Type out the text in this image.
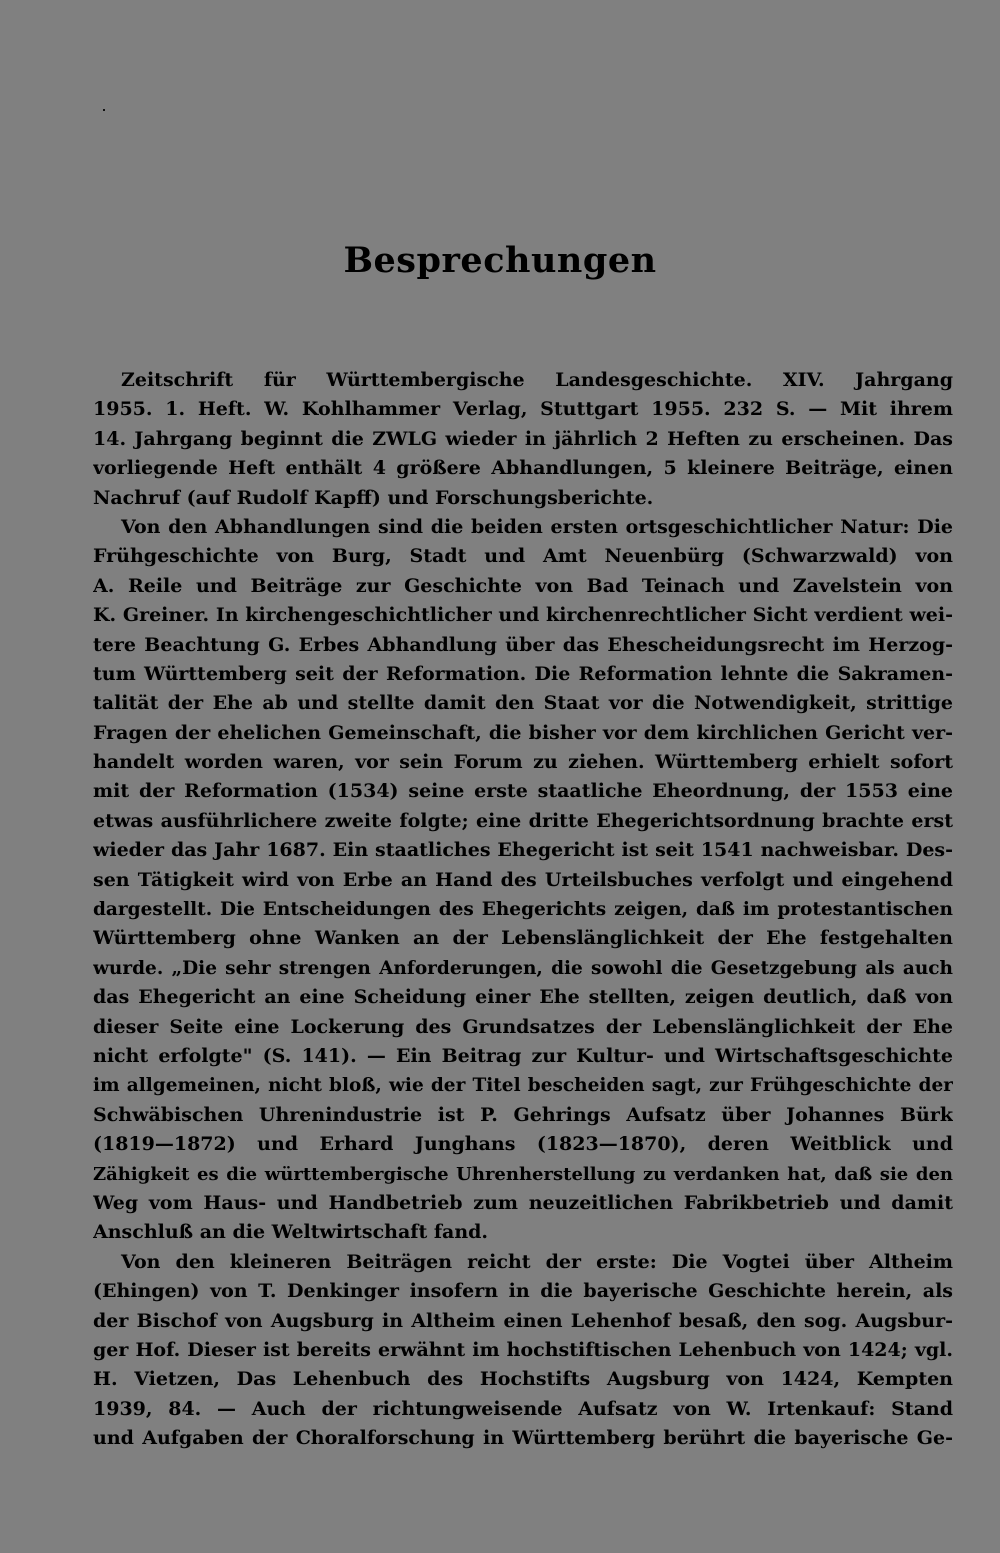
Besprechungen
Zeitschrift für Württembergische Landesgeschichte. XIV. Jahrgang
1955. 1. Heft. W. Kohlhammer Verlag, Stuttgart 1955. 232 S. — Mit ihrem
14. Jahrgang beginnt die ZWLG wieder in jährlich 2 Heften zu erscheinen. Das
vorliegende Heft enthält 4 größere Abhandlungen, 5 kleinere Beiträge, einen
Nachruf (auf Rudolf Kapff) und Forschungsberichte.
Von den Abhandlungen sind die beiden ersten ortsgeschichtlicher Natur: Die
Frühgeschichte von Burg, Stadt und Amt Neuenbürg (Schwarzwald) von
A. Reile und Beiträge zur Geschichte von Bad Teinach und Zavelstein von
K. Greiner. In kirchengeschichtlicher und kirchenrechtlicher Sicht verdient wei-
tere Beachtung G. Erbes Abhandlung über das Ehescheidungsrecht im Herzog-
tum Württemberg seit der Reformation. Die Reformation lehnte die Sakramen-
talität der Ehe ab und stellte damit den Staat vor die Notwendigkeit, strittige
Fragen der ehelichen Gemeinschaft, die bisher vor dem kirchlichen Gericht ver-
handelt worden waren, vor sein Forum zu ziehen. Württemberg erhielt sofort
mit der Reformation (1534) seine erste staatliche Eheordnung, der 1553 eine
etwas ausführlichere zweite folgte; eine dritte Ehegerichtsordnung brachte erst
wieder das Jahr 1687. Ein staatliches Ehegericht ist seit 1541 nachweisbar. Des-
sen Tätigkeit wird von Erbe an Hand des Urteilsbuches verfolgt und eingehend
dargestellt. Die Entscheidungen des Ehegerichts zeigen, daß im protestantischen
Württemberg ohne Wanken an der Lebenslänglichkeit der Ehe festgehalten
wurde. „Die sehr strengen Anforderungen, die sowohl die Gesetzgebung als auch
das Ehegericht an eine Scheidung einer Ehe stellten, zeigen deutlich, daß von
dieser Seite eine Lockerung des Grundsatzes der Lebenslänglichkeit der Ehe
nicht erfolgte" (S. 141). — Ein Beitrag zur Kultur- und Wirtschaftsgeschichte
im allgemeinen, nicht bloß, wie der Titel bescheiden sagt, zur Frühgeschichte der
Schwäbischen Uhrenindustrie ist P. Gehrings Aufsatz über Johannes Bürk
(1819—1872) und Erhard Junghans (1823—1870), deren Weitblick und
Zähigkeit es die württembergische Uhrenherstellung zu verdanken hat, daß sie den
Weg vom Haus- und Handbetrieb zum neuzeitlichen Fabrikbetrieb und damit
Anschluß an die Weltwirtschaft fand.
Von den kleineren Beiträgen reicht der erste: Die Vogtei über Altheim
(Ehingen) von T. Denkinger insofern in die bayerische Geschichte herein, als
der Bischof von Augsburg in Altheim einen Lehenhof besaß, den sog. Augsbur-
ger Hof. Dieser ist bereits erwähnt im hochstiftischen Lehenbuch von 1424; vgl.
H. Vietzen, Das Lehenbuch des Hochstifts Augsburg von 1424, Kempten
1939, 84. — Auch der richtungweisende Aufsatz von W. Irtenkauf: Stand
und Aufgaben der Choralforschung in Württemberg berührt die bayerische Ge-
